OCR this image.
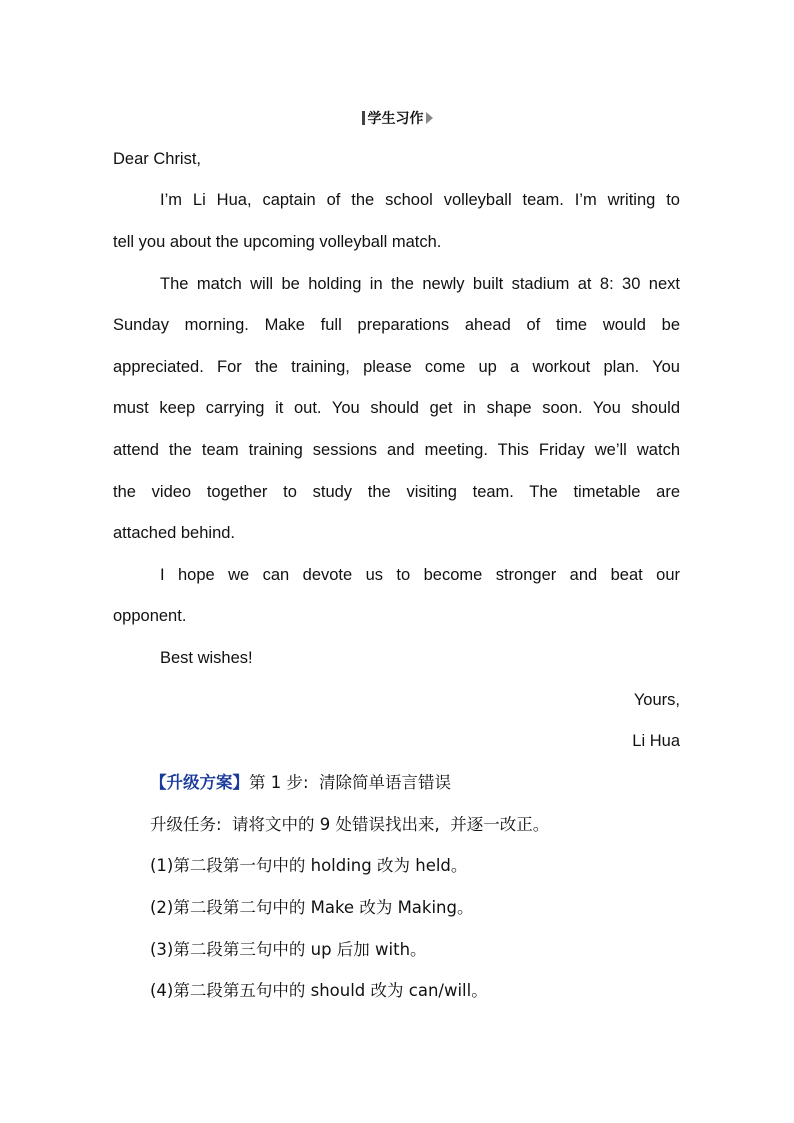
学生习作
Dear Christ,
I’m Li Hua, captain of the school volleyball team. I’m writing to
tell you about the upcoming volleyball match.
The match will be holding in the newly built stadium at 8: 30 next
Sunday morning. Make full preparations ahead of time would be
appreciated. For the training, please come up a workout plan. You
must keep carrying it out. You should get in shape soon. You should
attend the team training sessions and meeting. This Friday we’ll watch
the video together to study the visiting team. The timetable are
attached behind.
I hope we can devote us to become stronger and beat our
opponent.
Best wishes!
Yours,
Li Hua
【升级方案】第 1 步:  清除简单语言错误
升级任务:  请将文中的 9 处错误找出来,  并逐一改正。
(1)第二段第一句中的 holding 改为 held。
(2)第二段第二句中的 Make 改为 Making。
(3)第二段第三句中的 up 后加 with。
(4)第二段第五句中的 should 改为 can/will。
